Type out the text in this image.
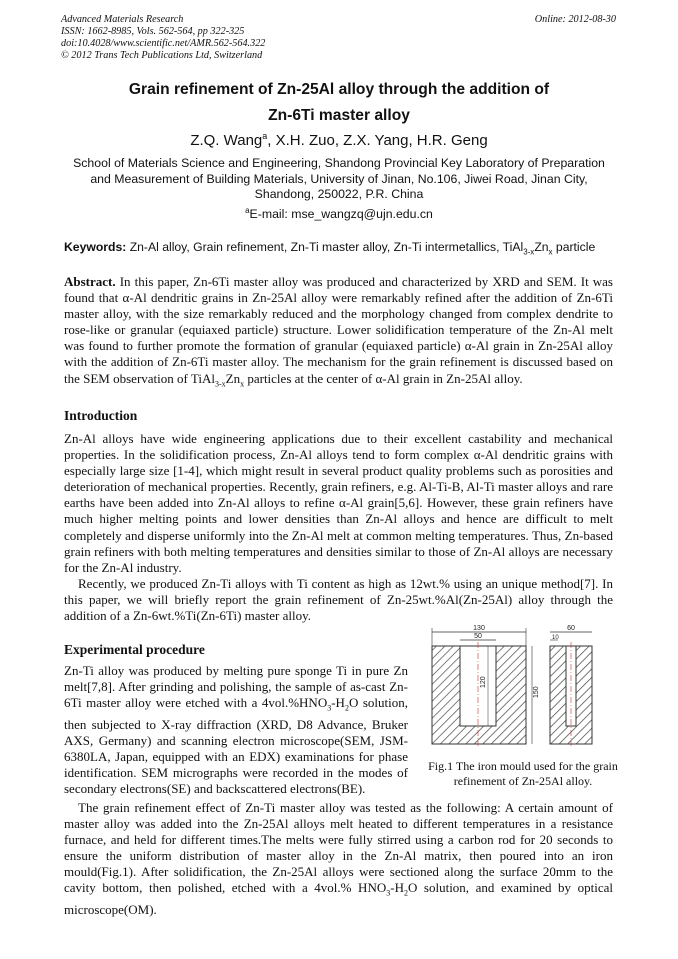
Advanced Materials Research
ISSN: 1662-8985, Vols. 562-564, pp 322-325
doi:10.4028/www.scientific.net/AMR.562-564.322
© 2012 Trans Tech Publications Ltd, Switzerland
Online: 2012-08-30
Grain refinement of Zn-25Al alloy through the addition of
Zn-6Ti master alloy
Z.Q. Wang$^a$, X.H. Zuo, Z.X. Yang, H.R. Geng
School of Materials Science and Engineering, Shandong Provincial Key Laboratory of Preparation
and Measurement of Building Materials, University of Jinan, No.106, Jiwei Road, Jinan City,
Shandong, 250022, P.R. China
$^a$E-mail: mse_wangzq@ujn.edu.cn
Keywords: Zn-Al alloy, Grain refinement, Zn-Ti master alloy, Zn-Ti intermetallics, $TiAl_{3-x}Zn_x$ particle
Abstract. In this paper, Zn-6Ti master alloy was produced and characterized by XRD and SEM. It was found that α-Al dendritic grains in Zn-25Al alloy were remarkably refined after the addition of Zn-6Ti master alloy, with the size remarkably reduced and the morphology changed from complex dendrite to rose-like or granular (equiaxed particle) structure. Lower solidification temperature of the Zn-Al melt was found to further promote the formation of granular (equiaxed particle) α-Al grain in Zn-25Al alloy with the addition of Zn-6Ti master alloy. The mechanism for the grain refinement is discussed based on the SEM observation of $TiAl_{3-x}Zn_x$ particles at the center of α-Al grain in Zn-25Al alloy.
Introduction
Zn-Al alloys have wide engineering applications due to their excellent castability and mechanical properties. In the solidification process, Zn-Al alloys tend to form complex α-Al dendritic grains with especially large size [1-4], which might result in several product quality problems such as porosities and deterioration of mechanical properties. Recently, grain refiners, e.g. Al-Ti-B, Al-Ti master alloys and rare earths have been added into Zn-Al alloys to refine α-Al grain[5,6]. However, these grain refiners have much higher melting points and lower densities than Zn-Al alloys and hence are difficult to melt completely and disperse uniformly into the Zn-Al melt at common melting temperatures. Thus, Zn-based grain refiners with both melting temperatures and densities similar to those of Zn-Al alloys are necessary for the Zn-Al industry.
Recently, we produced Zn-Ti alloys with Ti content as high as 12wt.% using an unique method[7]. In this paper, we will briefly report the grain refinement of Zn-25wt.%Al(Zn-25Al) alloy through the addition of a Zn-6wt.%Ti(Zn-6Ti) master alloy.
Experimental procedure
Zn-Ti alloy was produced by melting pure sponge Ti in pure Zn melt[7,8]. After grinding and polishing, the sample of as-cast Zn-6Ti master alloy were etched with a $4vol.\%HNO_3-H_2O$ solution, then subjected to X-ray diffraction (XRD, D8 Advance, Bruker AXS, Germany) and scanning electron microscope(SEM, JSM-6380LA, Japan, equipped with an EDX) examinations for phase identification. SEM micrographs were recorded in the modes of secondary electrons(SE) and backscattered electrons(BE).
130
50
120
150
60
10
Fig.1 The iron mould used for the grain refinement of Zn-25Al alloy.
The grain refinement effect of Zn-Ti master alloy was tested as the following: A certain amount of master alloy was added into the Zn-25Al alloys melt heated to different temperatures in a resistance furnace, and held for different times.The melts were fully stirred using a carbon rod for 20 seconds to ensure the uniform distribution of master alloy in the Zn-Al matrix, then poured into an iron mould(Fig.1). After solidification, the Zn-25Al alloys were sectioned along the surface 20mm to the cavity bottom, then polished, etched with a 4vol.% $HNO_3-H_2O$ solution, and examined by optical microscope(OM).
